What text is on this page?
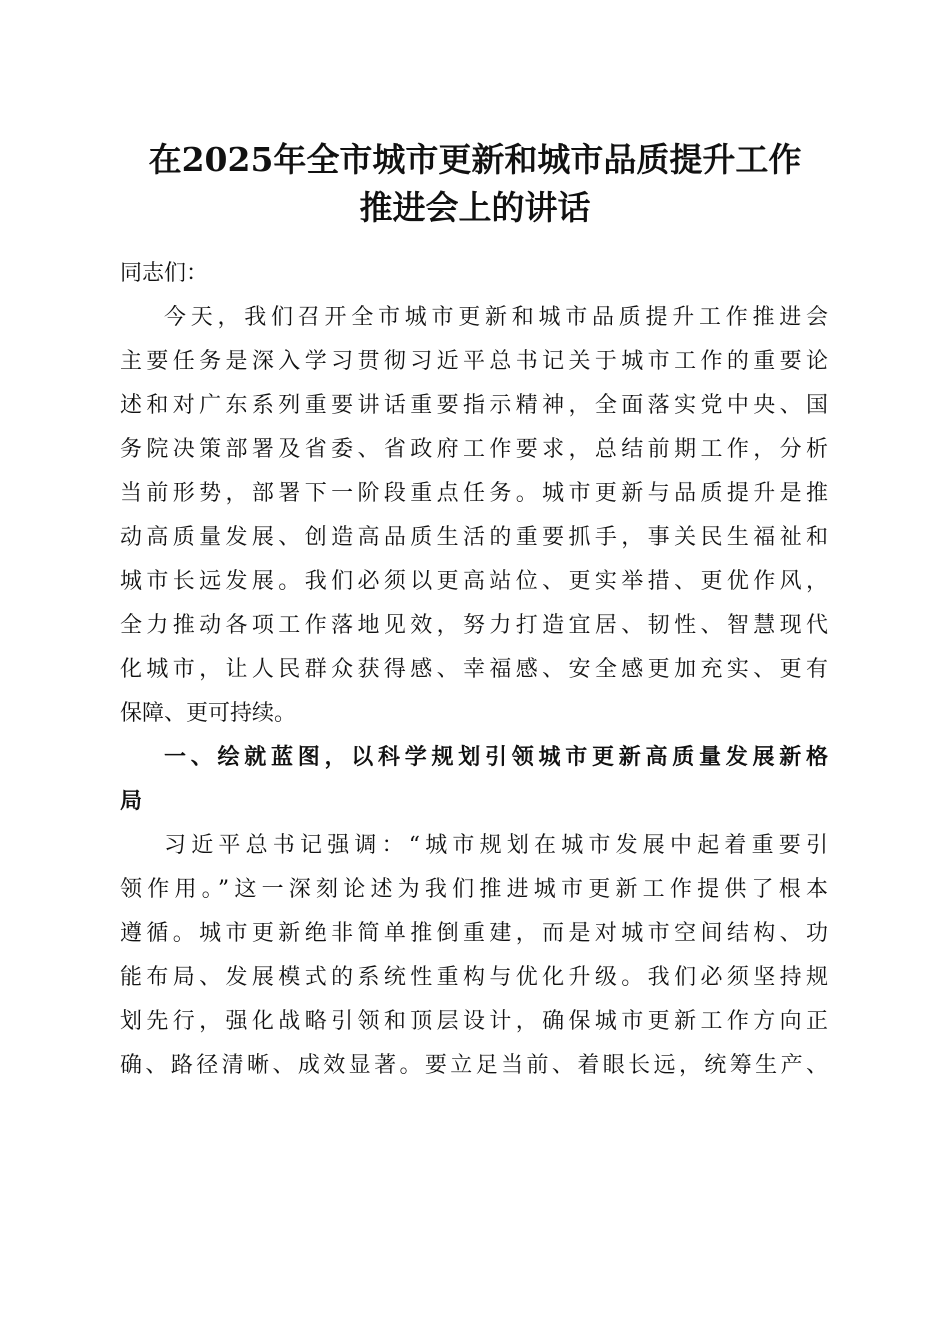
在2025年全市城市更新和城市品质提升工作
推进会上的讲话
同志们：
今天，我们召开全市城市更新和城市品质提升工作推进会
主要任务是深入学习贯彻习近平总书记关于城市工作的重要论
述和对广东系列重要讲话重要指示精神，全面落实党中央、国
务院决策部署及省委、省政府工作要求，总结前期工作，分析
当前形势，部署下一阶段重点任务。城市更新与品质提升是推
动高质量发展、创造高品质生活的重要抓手，事关民生福祉和
城市长远发展。我们必须以更高站位、更实举措、更优作风，
全力推动各项工作落地见效，努力打造宜居、韧性、智慧现代
化城市，让人民群众获得感、幸福感、安全感更加充实、更有
保障、更可持续。
一、绘就蓝图，以科学规划引领城市更新高质量发展新格
局
习近平总书记强调：“城市规划在城市发展中起着重要引
领作用。”这一深刻论述为我们推进城市更新工作提供了根本
遵循。城市更新绝非简单推倒重建，而是对城市空间结构、功
能布局、发展模式的系统性重构与优化升级。我们必须坚持规
划先行，强化战略引领和顶层设计，确保城市更新工作方向正
确、路径清晰、成效显著。要立足当前、着眼长远，统筹生产、
